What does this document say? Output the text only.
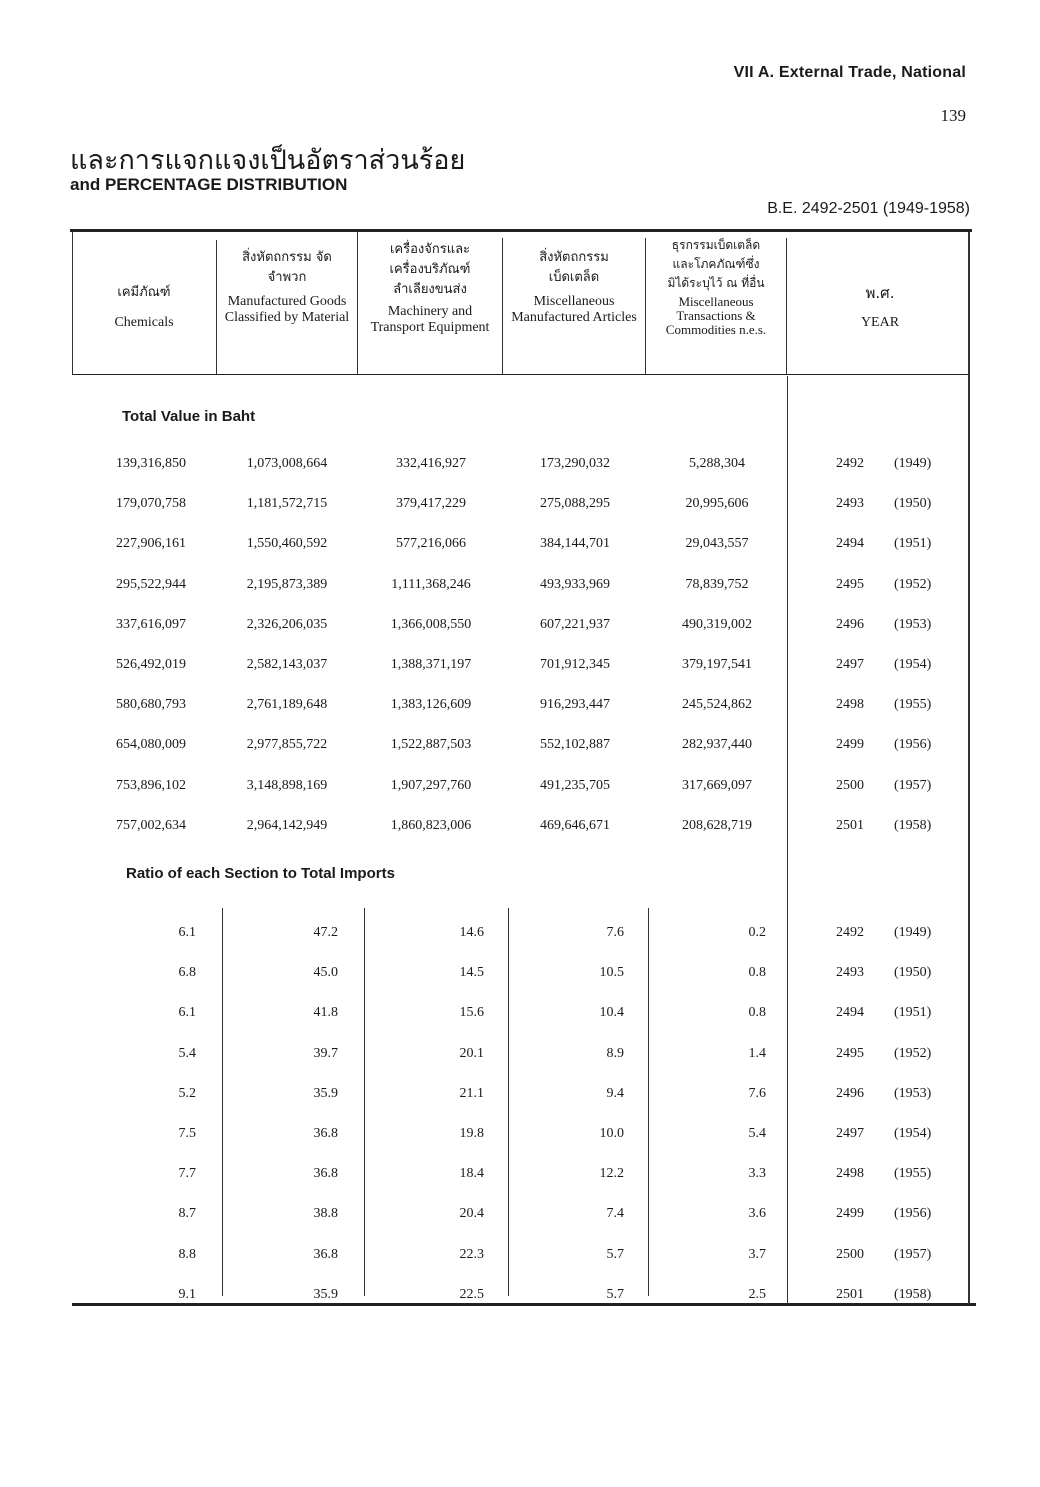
VII A. External Trade, National
139
และการแจกแจงเป็นอัตราส่วนร้อย
and PERCENTAGE DISTRIBUTION
B.E. 2492-2501 (1949-1958)
เคมีภัณฑ์
Chemicals
สิ่งหัตถกรรม จัดจำพวก
Manufactured Goods Classified by Material
เครื่องจักรและ เครื่องบริภัณฑ์ ลำเลียงขนส่ง
Machinery and Transport Equipment
สิ่งหัตถกรรม เบ็ดเตล็ด
Miscellaneous Manufactured Articles
ธุรกรรมเบ็ดเตล็ด และโภคภัณฑ์ซึ่ง มิได้ระบุไว้ ณ ที่อื่น
Miscellaneous Transactions & Commodities n.e.s.
พ.ศ.
YEAR
Total Value in Baht
Ratio of each Section to Total Imports
139,316,850	1,073,008,664	332,416,927	173,290,032	5,288,304	2492 (1949)
179,070,758	1,181,572,715	379,417,229	275,088,295	20,995,606	2493 (1950)
227,906,161	1,550,460,592	577,216,066	384,144,701	29,043,557	2494 (1951)
295,522,944	2,195,873,389	1,111,368,246	493,933,969	78,839,752	2495 (1952)
337,616,097	2,326,206,035	1,366,008,550	607,221,937	490,319,002	2496 (1953)
526,492,019	2,582,143,037	1,388,371,197	701,912,345	379,197,541	2497 (1954)
580,680,793	2,761,189,648	1,383,126,609	916,293,447	245,524,862	2498 (1955)
654,080,009	2,977,855,722	1,522,887,503	552,102,887	282,937,440	2499 (1956)
753,896,102	3,148,898,169	1,907,297,760	491,235,705	317,669,097	2500 (1957)
757,002,634	2,964,142,949	1,860,823,006	469,646,671	208,628,719	2501 (1958)
6.1	47.2	14.6	7.6	0.2	2492 (1949)
6.8	45.0	14.5	10.5	0.8	2493 (1950)
6.1	41.8	15.6	10.4	0.8	2494 (1951)
5.4	39.7	20.1	8.9	1.4	2495 (1952)
5.2	35.9	21.1	9.4	7.6	2496 (1953)
7.5	36.8	19.8	10.0	5.4	2497 (1954)
7.7	36.8	18.4	12.2	3.3	2498 (1955)
8.7	38.8	20.4	7.4	3.6	2499 (1956)
8.8	36.8	22.3	5.7	3.7	2500 (1957)
9.1	35.9	22.5	5.7	2.5	2501 (1958)
